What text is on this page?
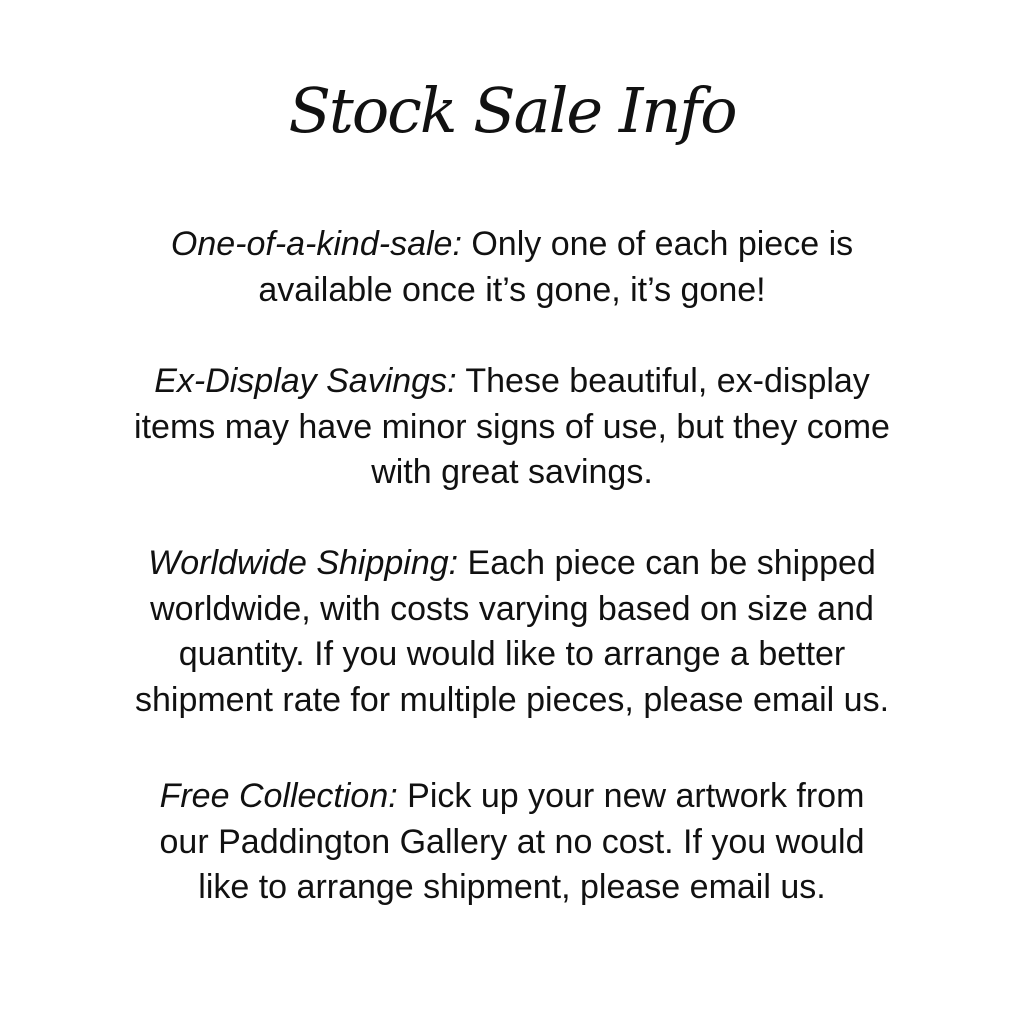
Stock Sale Info

One-of-a-kind-sale: Only one of each piece is
available once it’s gone, it’s gone!

Ex-Display Savings: These beautiful, ex-display
items may have minor signs of use, but they come
with great savings.

Worldwide Shipping: Each piece can be shipped
worldwide, with costs varying based on size and
quantity. If you would like to arrange a better
shipment rate for multiple pieces, please email us.

Free Collection: Pick up your new artwork from
our Paddington Gallery at no cost. If you would
like to arrange shipment, please email us.
